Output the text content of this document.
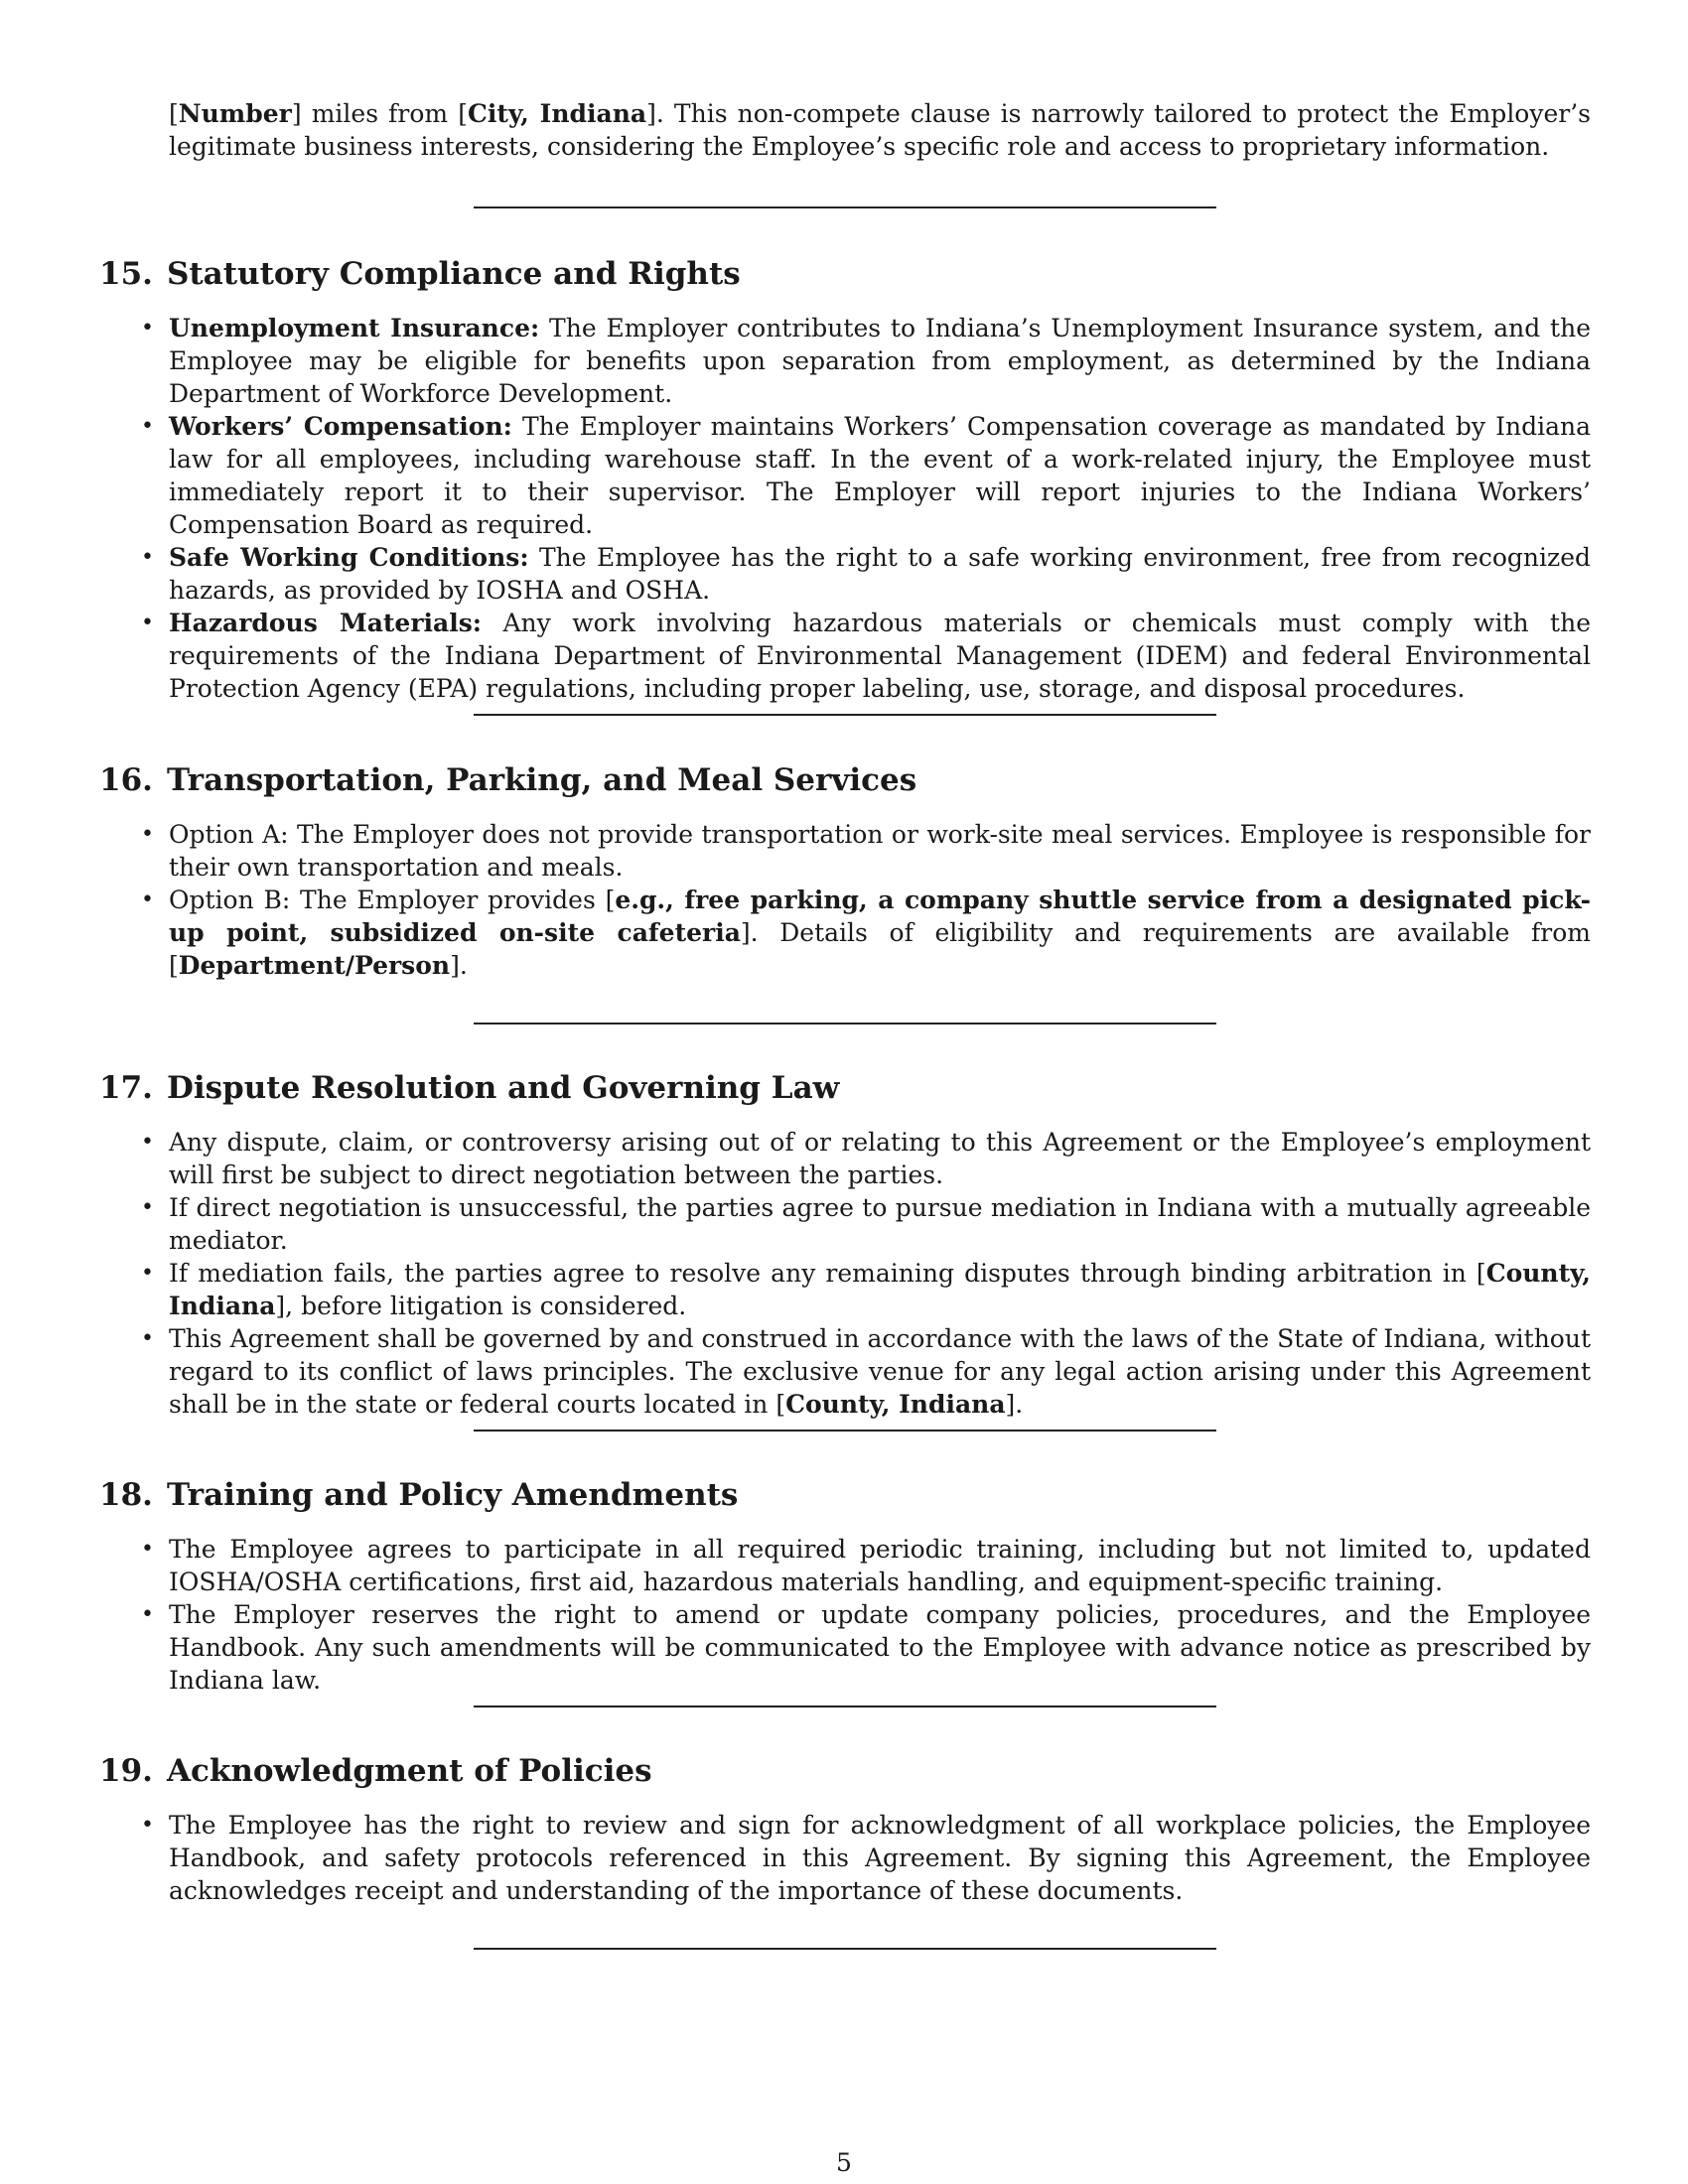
[Number] miles from [City, Indiana]. This non-compete clause is narrowly tailored to protect the Employer’s legitimate business interests, considering the Employee’s specific role and access to proprietary information.

15. Statutory Compliance and Rights
• Unemployment Insurance: The Employer contributes to Indiana’s Unemployment Insurance system, and the Employee may be eligible for benefits upon separation from employment, as determined by the Indiana Department of Workforce Development.
• Workers’ Compensation: The Employer maintains Workers’ Compensation coverage as mandated by Indiana law for all employees, including warehouse staff. In the event of a work-related injury, the Employee must immediately report it to their supervisor. The Employer will report injuries to the Indiana Workers’ Compensation Board as required.
• Safe Working Conditions: The Employee has the right to a safe working environment, free from recognized hazards, as provided by IOSHA and OSHA.
• Hazardous Materials: Any work involving hazardous materials or chemicals must comply with the requirements of the Indiana Department of Environmental Management (IDEM) and federal Environmental Protection Agency (EPA) regulations, including proper labeling, use, storage, and disposal procedures.
16. Transportation, Parking, and Meal Services
• Option A: The Employer does not provide transportation or work-site meal services. Employee is responsible for their own transportation and meals.
• Option B: The Employer provides [e.g., free parking, a company shuttle service from a designated pick-up point, subsidized on-site cafeteria]. Details of eligibility and requirements are available from [Department/Person].
17. Dispute Resolution and Governing Law
• Any dispute, claim, or controversy arising out of or relating to this Agreement or the Employee’s employment will first be subject to direct negotiation between the parties.
• If direct negotiation is unsuccessful, the parties agree to pursue mediation in Indiana with a mutually agreeable mediator.
• If mediation fails, the parties agree to resolve any remaining disputes through binding arbitration in [County, Indiana], before litigation is considered.
• This Agreement shall be governed by and construed in accordance with the laws of the State of Indiana, without regard to its conflict of laws principles. The exclusive venue for any legal action arising under this Agreement shall be in the state or federal courts located in [County, Indiana].
18. Training and Policy Amendments
• The Employee agrees to participate in all required periodic training, including but not limited to, updated IOSHA/OSHA certifications, first aid, hazardous materials handling, and equipment-specific training.
• The Employer reserves the right to amend or update company policies, procedures, and the Employee Handbook. Any such amendments will be communicated to the Employee with advance notice as prescribed by Indiana law.
19. Acknowledgment of Policies
• The Employee has the right to review and sign for acknowledgment of all workplace policies, the Employee Handbook, and safety protocols referenced in this Agreement. By signing this Agreement, the Employee acknowledges receipt and understanding of the importance of these documents.
5
